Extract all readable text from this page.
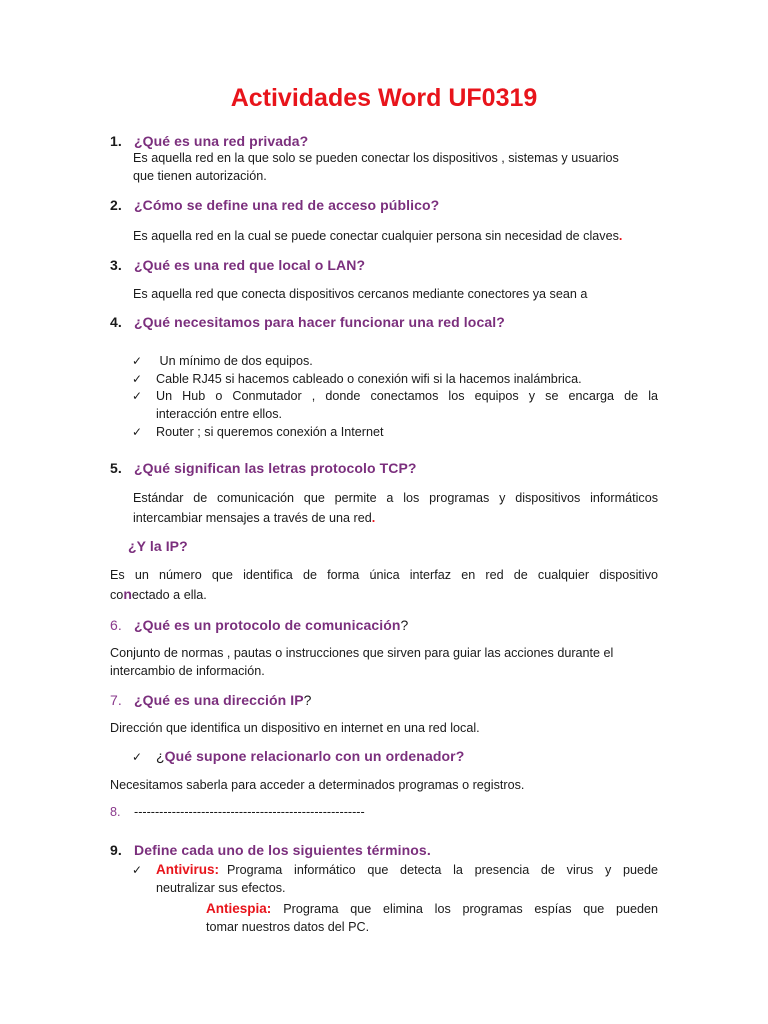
Actividades Word UF0319
1. ¿Qué es una red privada?
Es aquella red en la que solo se pueden conectar los dispositivos , sistemas y usuarios
que tienen autorización.
2. ¿Cómo se define una red de acceso público?
Es aquella red en la cual se puede conectar cualquier persona sin necesidad de claves.
3. ¿Qué es una red que local o LAN?
Es aquella red que conecta dispositivos cercanos mediante conectores ya sean a
4. ¿Qué necesitamos para hacer funcionar una red local?
✓ Un mínimo de dos equipos.
✓ Cable RJ45 si hacemos cableado o conexión wifi si la hacemos inalámbrica.
✓	Un Hub o Conmutador , donde conectamos los equipos y se encarga de la
interacción entre ellos.
✓ Router ; si queremos conexión a Internet
5. ¿Qué significan las letras protocolo TCP?
Estándar de comunicación que permite a los programas y dispositivos informáticos
intercambiar mensajes a través de una red.
¿Y la IP?
Es un número que identifica de forma única interfaz en red de cualquier dispositivo
conectado a ella.
6. ¿Qué es un protocolo de comunicación?
Conjunto de normas , pautas o instrucciones que sirven para guiar las acciones durante el
intercambio de información.
7. ¿Qué es una dirección IP?
Dirección que identifica un dispositivo en internet en una red local.
✓ ¿Qué supone relacionarlo con un ordenador?
Necesitamos saberla para acceder a determinados programas o registros.
8. -------------------------------------------------------
9. Define cada uno de los siguientes términos.
✓	Antivirus: Programa informático que detecta la presencia de virus y puede
neutralizar sus efectos.
Antiespia: Programa que elimina los programas espías que pueden
tomar nuestros datos del PC.
